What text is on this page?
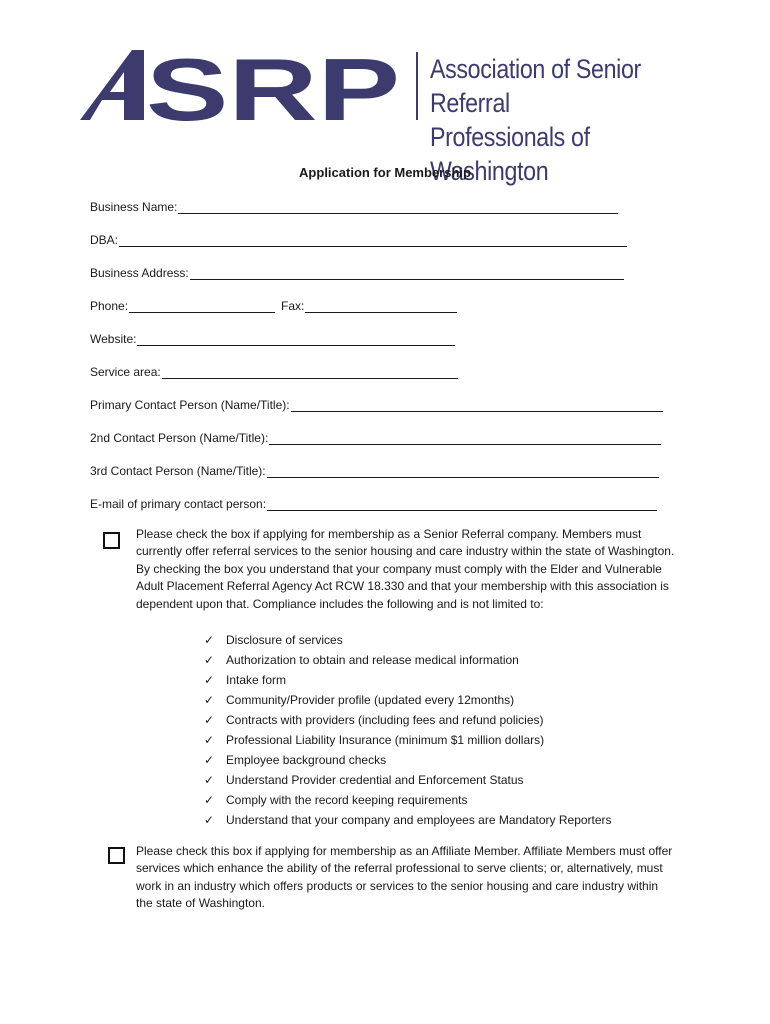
SRP Association of Senior Referral
Professionals of Washington
Application for Membership
Business Name:
DBA:
Business Address:
Phone:	Fax:
Website:
Service area:
Primary Contact Person (Name/Title):
2nd Contact Person (Name/Title):
3rd Contact Person (Name/Title):
E-mail of primary contact person:
Please check the box if applying for membership as a Senior Referral company. Members must currently offer referral services to the senior housing and care industry within the state of Washington. By checking the box you understand that your company must comply with the Elder and Vulnerable Adult Placement Referral Agency Act RCW 18.330 and that your membership with this association is dependent upon that. Compliance includes the following and is not limited to:
✓ Disclosure of services
✓ Authorization to obtain and release medical information
✓ Intake form
✓ Community/Provider profile (updated every 12months)
✓ Contracts with providers (including fees and refund policies)
✓ Professional Liability Insurance (minimum $1 million dollars)
✓ Employee background checks
✓ Understand Provider credential and Enforcement Status
✓ Comply with the record keeping requirements
✓ Understand that your company and employees are Mandatory Reporters
Please check this box if applying for membership as an Affiliate Member. Affiliate Members must offer services which enhance the ability of the referral professional to serve clients; or, alternatively, must work in an industry which offers products or services to the senior housing and care industry within the state of Washington.
